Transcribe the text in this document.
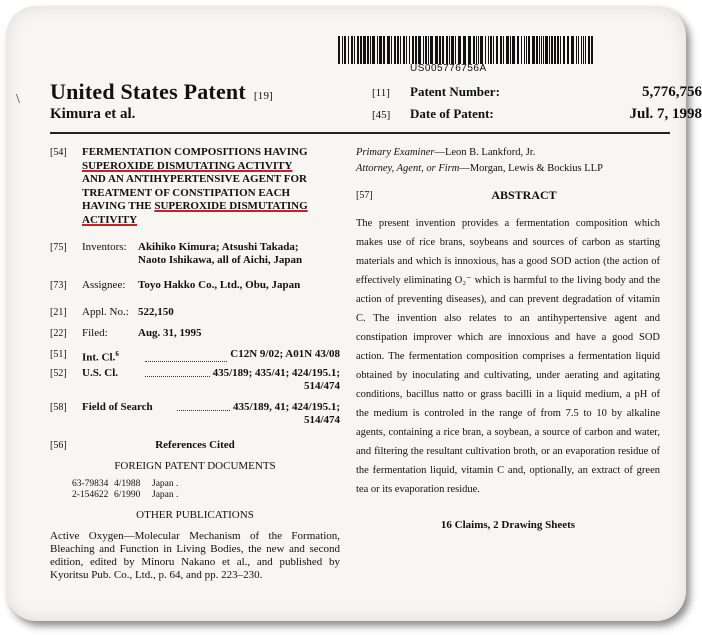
\
US005776756A
United States Patent [19]
Kimura et al.
[11] Patent Number:	5,776,756
[45] Date of Patent:	Jul. 7, 1998
[54] FERMENTATION COMPOSITIONS HAVING
SUPEROXIDE DISMUTATING ACTIVITY
AND AN ANTIHYPERTENSIVE AGENT FOR
TREATMENT OF CONSTIPATION EACH
HAVING THE SUPEROXIDE DISMUTATING
ACTIVITY
[75] Inventors: Akihiko Kimura; Atsushi Takada;
Naoto Ishikawa, all of Aichi, Japan
[73] Assignee: Toyo Hakko Co., Ltd., Obu, Japan
[21] Appl. No.: 522,150
[22] Filed:	Aug. 31, 1995
[51] Int. Cl.$^6$	C12N 9/02; A01N 43/08
[52] U.S. Cl.	435/189; 435/41; 424/195.1;
514/474
[58] Field of Search	435/189, 41; 424/195.1;
514/474
[56]	References Cited
FOREIGN PATENT DOCUMENTS
63-79834 4/1988	Japan .
2-154622 6/1990	Japan .
OTHER PUBLICATIONS
Active Oxygen—Molecular Mechanism of the Formation, Bleaching and Function in Living Bodies, the new and second edition, edited by Minoru Nakano et al., and published by Kyoritsu Pub. Co., Ltd., p. 64, and pp. 223–230.
Primary Examiner—Leon B. Lankford, Jr.
Attorney, Agent, or Firm—Morgan, Lewis & Bockius LLP
[57]	ABSTRACT
The present invention provides a fermentation composition which makes use of rice brans, soybeans and sources of carbon as starting materials and which is innoxious, has a good SOD action (the action of effectively eliminating O₂⁻ which is harmful to the living body and the action of preventing diseases), and can prevent degradation of vitamin C. The invention also relates to an antihypertensive agent and constipation improver which are innoxious and have a good SOD action. The fermentation composition comprises a fermentation liquid obtained by inoculating and cultivating, under aerating and agitating conditions, bacillus natto or grass bacilli in a liquid medium, a pH of the medium is controled in the range of from 7.5 to 10 by alkaline agents, containing a rice bran, a soybean, a source of carbon and water, and filtering the resultant cultivation broth, or an evaporation residue of the fermentation liquid, vitamin C and, optionally, an extract of green tea or its evaporation residue.
16 Claims, 2 Drawing Sheets
